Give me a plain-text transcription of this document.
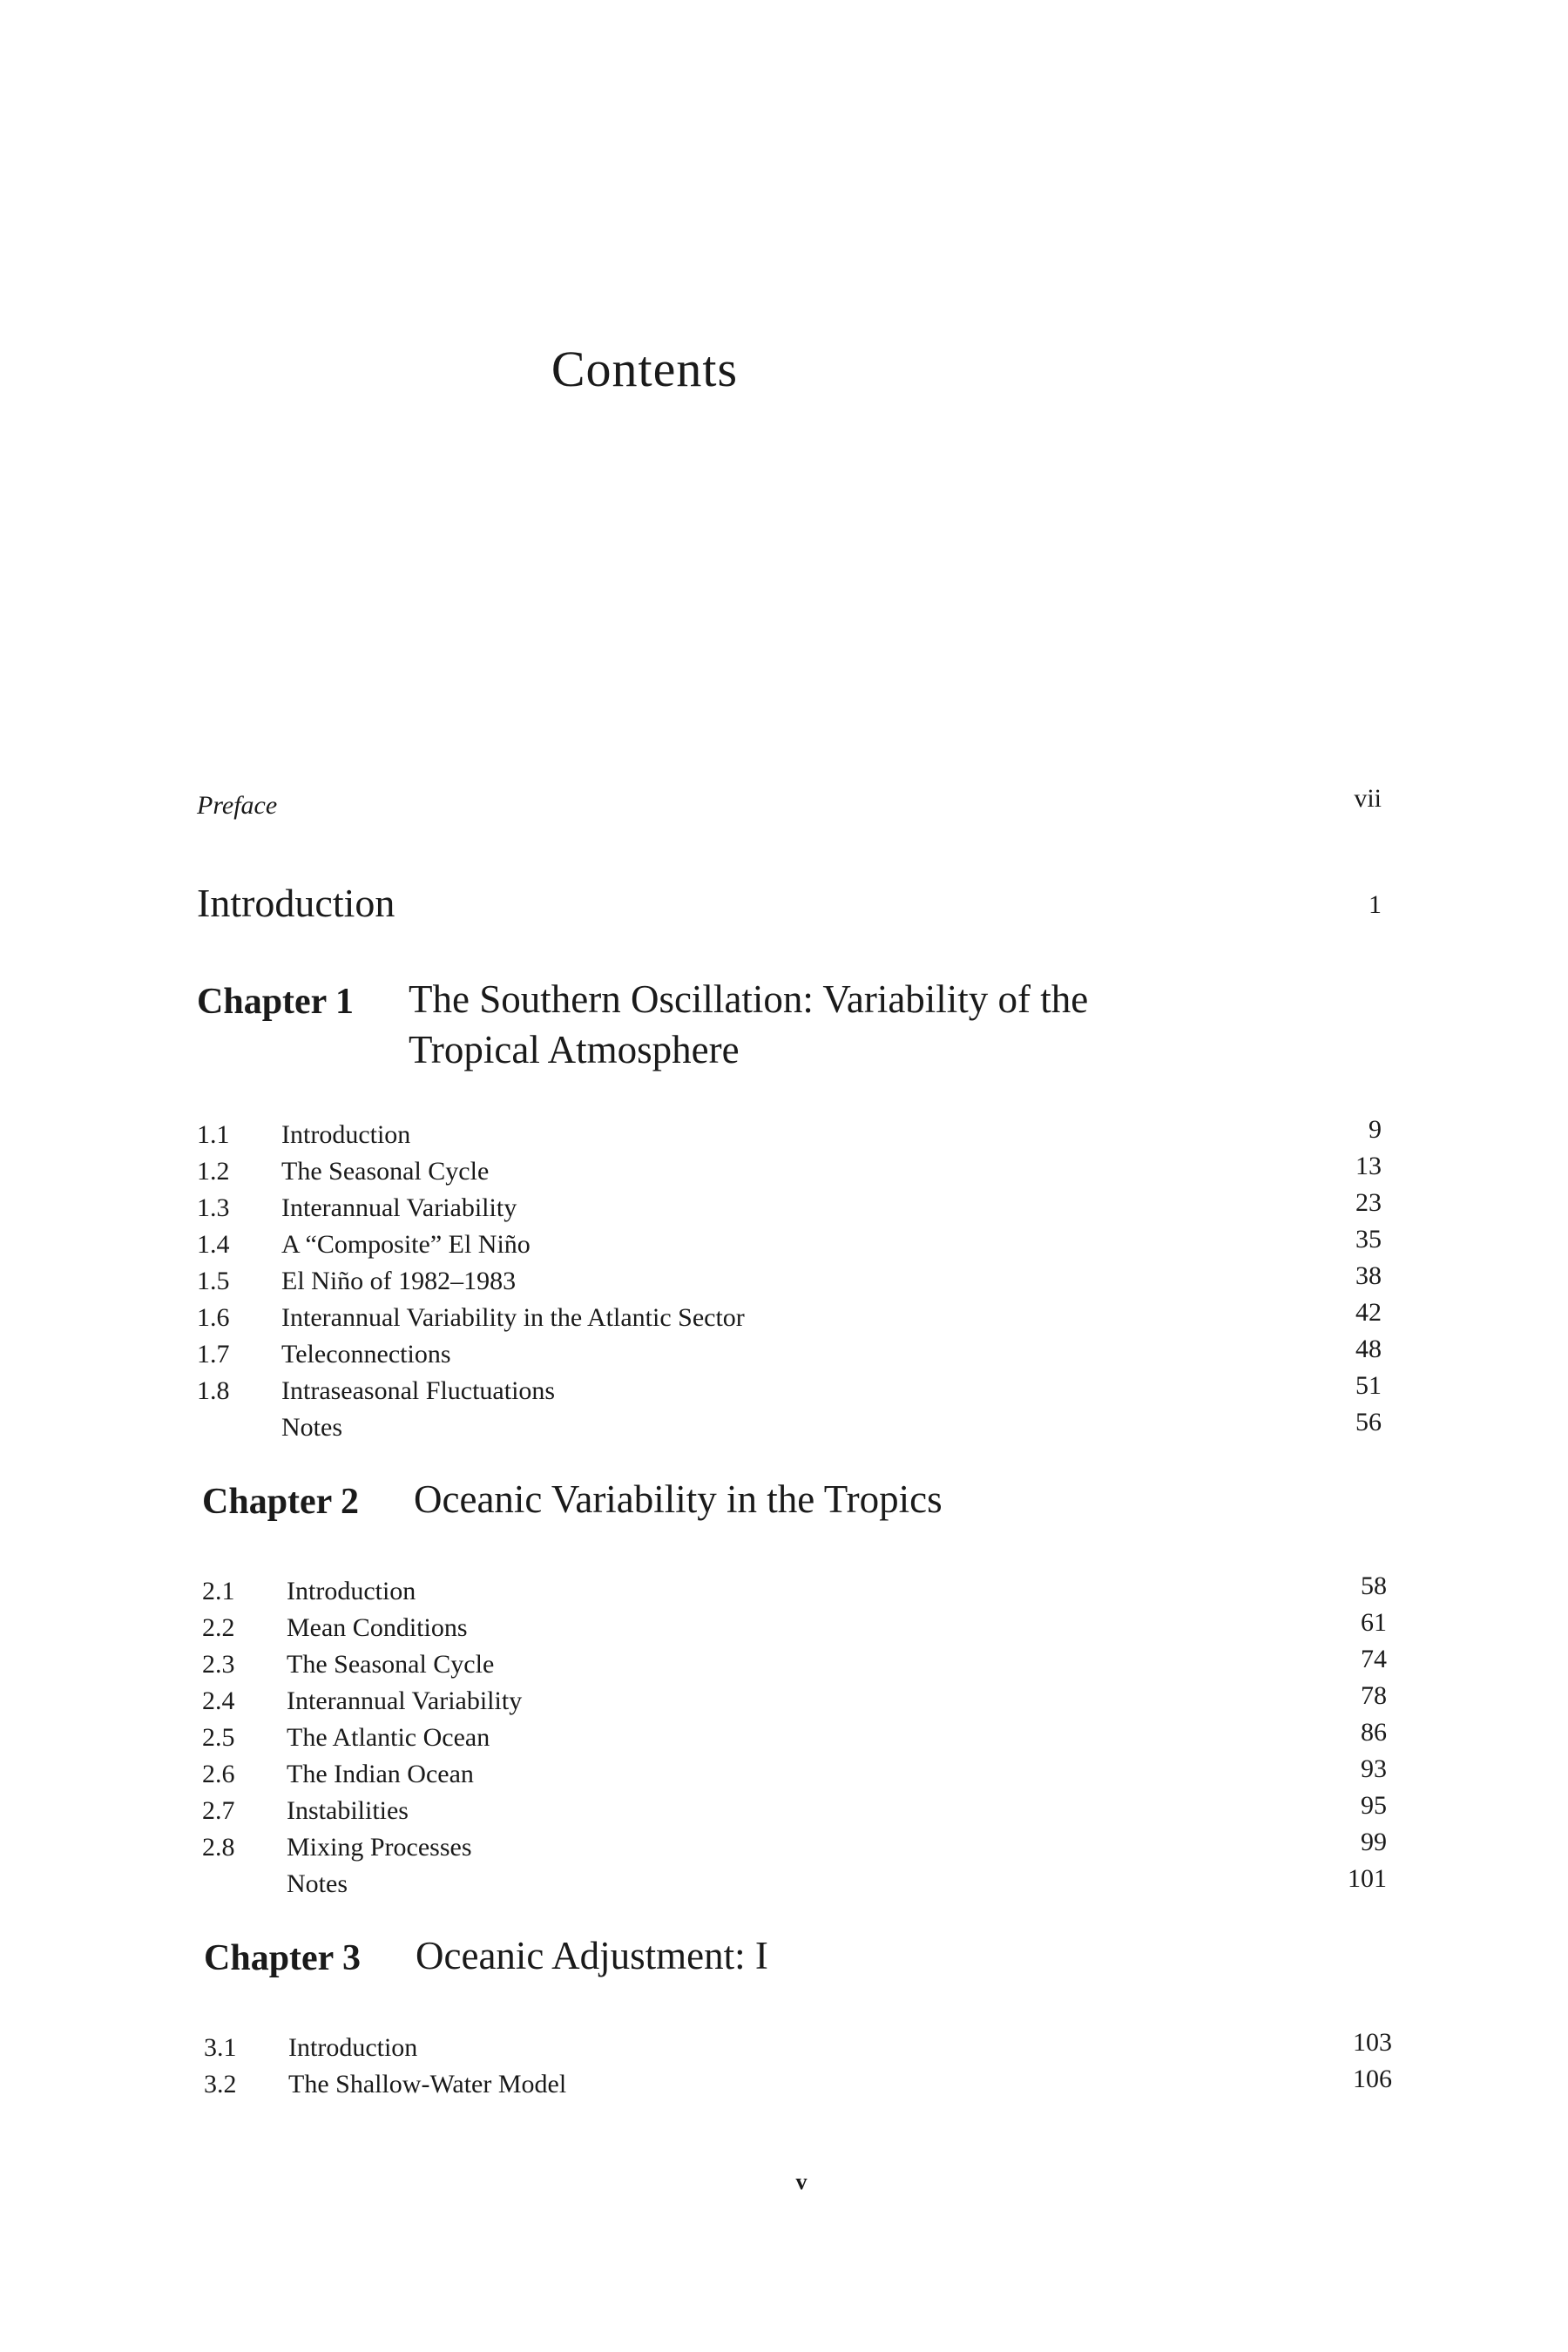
Contents
Preface	vii
Introduction	1
Chapter 1 The Southern Oscillation: Variability of the
Tropical Atmosphere
1.1 Introduction	9
1.2 The Seasonal Cycle	13
1.3 Interannual Variability	23
1.4 A “Composite” El Niño	35
1.5 El Niño of 1982–1983	38
1.6 Interannual Variability in the Atlantic Sector	42
1.7 Teleconnections	48
1.8 Intraseasonal Fluctuations	51
Notes	56
Chapter 2 Oceanic Variability in the Tropics
2.1 Introduction	58
2.2 Mean Conditions	61
2.3 The Seasonal Cycle	74
2.4 Interannual Variability	78
2.5 The Atlantic Ocean	86
2.6 The Indian Ocean	93
2.7 Instabilities	95
2.8 Mixing Processes	99
Notes	101
Chapter 3 Oceanic Adjustment: I
3.1 Introduction	103
3.2 The Shallow-Water Model	106
v
